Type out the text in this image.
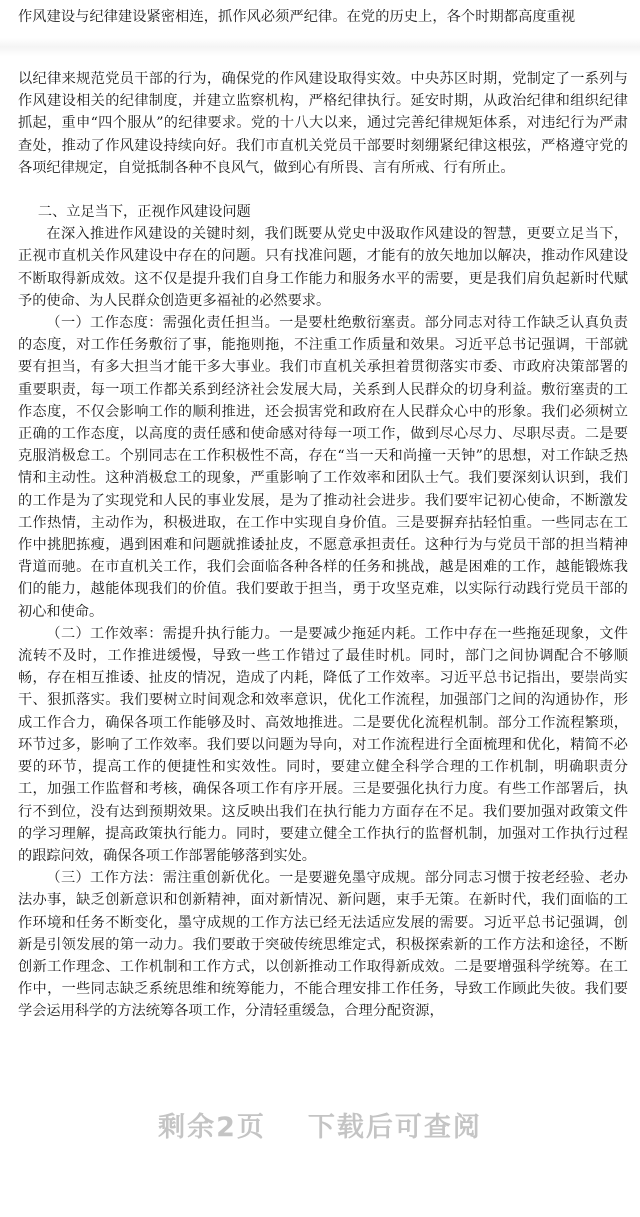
作风建设与纪律建设紧密相连，抓作风必须严纪律。在党的历史上，各个时期都高度重视

以纪律来规范党员干部的行为，确保党的作风建设取得实效。中央苏区时期，党制定了一系列与作风建设相关的纪律制度，并建立监察机构，严格纪律执行。延安时期，从政治纪律和组织纪律抓起，重申“四个服从”的纪律要求。党的十八大以来，通过完善纪律规矩体系，对违纪行为严肃查处，推动了作风建设持续向好。我们市直机关党员干部要时刻绷紧纪律这根弦，严格遵守党的各项纪律规定，自觉抵制各种不良风气，做到心有所畏、言有所戒、行有所止。

二、立足当下，正视作风建设问题

在深入推进作风建设的关键时刻，我们既要从党史中汲取作风建设的智慧，更要立足当下，正视市直机关作风建设中存在的问题。只有找准问题，才能有的放矢地加以解决，推动作风建设不断取得新成效。这不仅是提升我们自身工作能力和服务水平的需要，更是我们肩负起新时代赋予的使命、为人民群众创造更多福祉的必然要求。

（一）工作态度：需强化责任担当。一是要杜绝敷衍塞责。部分同志对待工作缺乏认真负责的态度，对工作任务敷衍了事，能拖则拖，不注重工作质量和效果。习近平总书记强调，干部就要有担当，有多大担当才能干多大事业。我们市直机关承担着贯彻落实市委、市政府决策部署的重要职责，每一项工作都关系到经济社会发展大局，关系到人民群众的切身利益。敷衍塞责的工作态度，不仅会影响工作的顺利推进，还会损害党和政府在人民群众心中的形象。我们必须树立正确的工作态度，以高度的责任感和使命感对待每一项工作，做到尽心尽力、尽职尽责。二是要克服消极怠工。个别同志在工作积极性不高，存在“当一天和尚撞一天钟”的思想，对工作缺乏热情和主动性。这种消极怠工的现象，严重影响了工作效率和团队士气。我们要深刻认识到，我们的工作是为了实现党和人民的事业发展，是为了推动社会进步。我们要牢记初心使命，不断激发工作热情，主动作为，积极进取，在工作中实现自身价值。三是要摒弃拈轻怕重。一些同志在工作中挑肥拣瘦，遇到困难和问题就推诿扯皮，不愿意承担责任。这种行为与党员干部的担当精神背道而驰。在市直机关工作，我们会面临各种各样的任务和挑战，越是困难的工作，越能锻炼我们的能力，越能体现我们的价值。我们要敢于担当，勇于攻坚克难，以实际行动践行党员干部的初心和使命。

（二）工作效率：需提升执行能力。一是要减少拖延内耗。工作中存在一些拖延现象，文件流转不及时，工作推进缓慢，导致一些工作错过了最佳时机。同时，部门之间协调配合不够顺畅，存在相互推诿、扯皮的情况，造成了内耗，降低了工作效率。习近平总书记指出，要崇尚实干、狠抓落实。我们要树立时间观念和效率意识，优化工作流程，加强部门之间的沟通协作，形成工作合力，确保各项工作能够及时、高效地推进。二是要优化流程机制。部分工作流程繁琐，环节过多，影响了工作效率。我们要以问题为导向，对工作流程进行全面梳理和优化，精简不必要的环节，提高工作的便捷性和实效性。同时，要建立健全科学合理的工作机制，明确职责分工，加强工作监督和考核，确保各项工作有序开展。三是要强化执行力度。有些工作部署后，执行不到位，没有达到预期效果。这反映出我们在执行能力方面存在不足。我们要加强对政策文件的学习理解，提高政策执行能力。同时，要建立健全工作执行的监督机制，加强对工作执行过程的跟踪问效，确保各项工作部署能够落到实处。

（三）工作方法：需注重创新优化。一是要避免墨守成规。部分同志习惯于按老经验、老办法办事，缺乏创新意识和创新精神，面对新情况、新问题，束手无策。在新时代，我们面临的工作环境和任务不断变化，墨守成规的工作方法已经无法适应发展的需要。习近平总书记强调，创新是引领发展的第一动力。我们要敢于突破传统思维定式，积极探索新的工作方法和途径，不断创新工作理念、工作机制和工作方式，以创新推动工作取得新成效。二是要增强科学统筹。在工作中，一些同志缺乏系统思维和统筹能力，不能合理安排工作任务，导致工作顾此失彼。我们要学会运用科学的方法统筹各项工作，分清轻重缓急，合理分配资源，

剩余2页 下载后可查阅
